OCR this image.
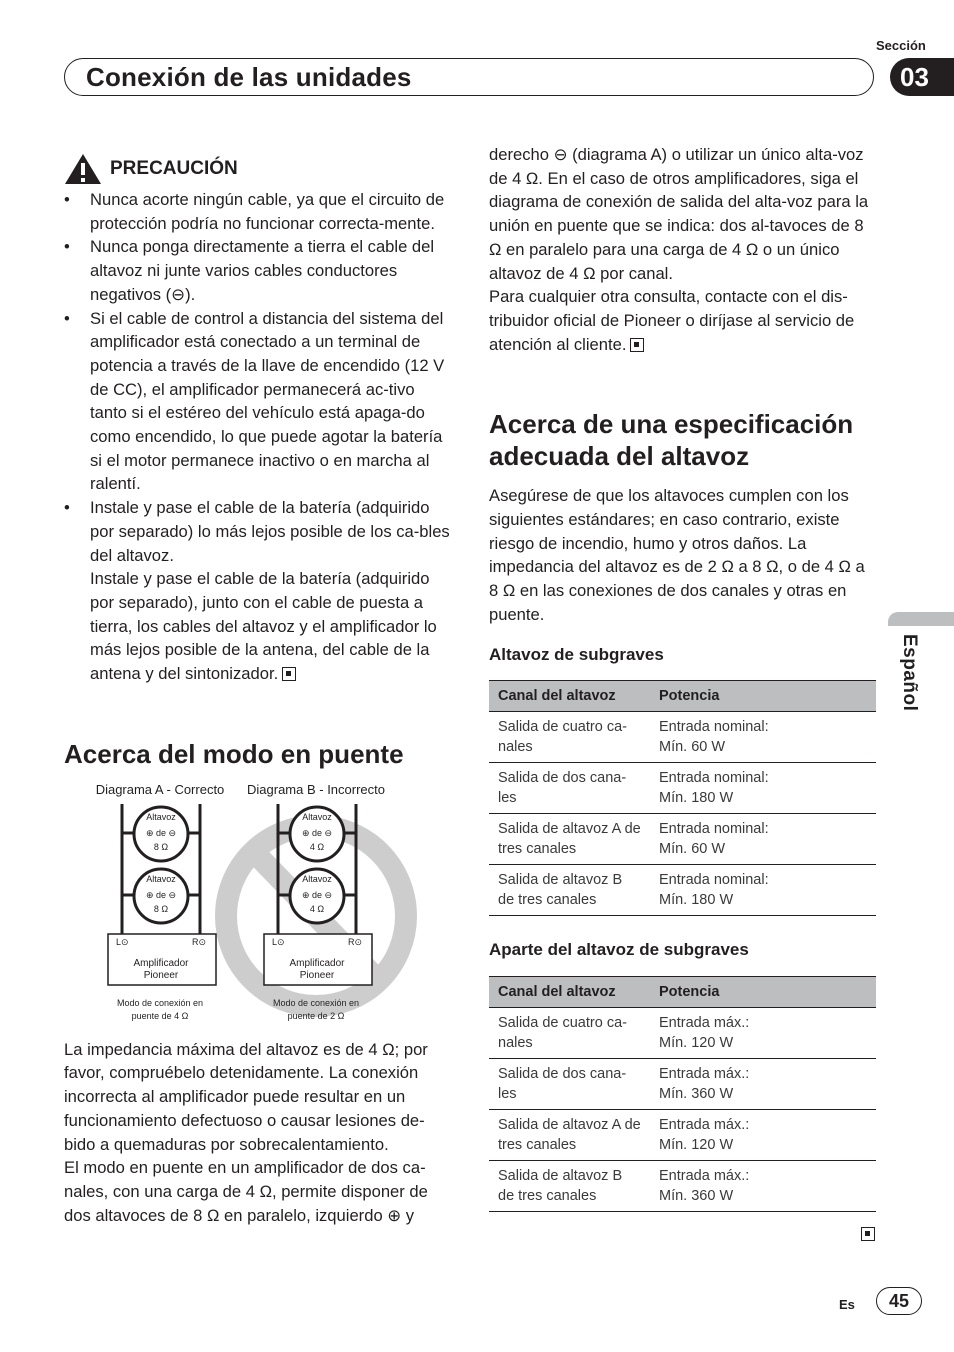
Sección
Conexión de las unidades	03
Español
PRECAUCIÓN
• Nunca acorte ningún cable, ya que el circuito de protección podría no funcionar correcta-mente.
• Nunca ponga directamente a tierra el cable del altavoz ni junte varios cables conductores negativos (⊖).
• Si el cable de control a distancia del sistema del amplificador está conectado a un terminal de potencia a través de la llave de encendido (12 V de CC), el amplificador permanecerá ac-tivo tanto si el estéreo del vehículo está apaga-do como encendido, lo que puede agotar la batería si el motor permanece inactivo o en marcha al ralentí.
• Instale y pase el cable de la batería (adquirido por separado) lo más lejos posible de los ca-bles del altavoz.

Instale y pase el cable de la batería (adquirido por separado), junto con el cable de puesta a tierra, los cables del altavoz y el amplificador lo más lejos posible de la antena, del cable de la antena y del sintonizador.

Acerca del modo en puente
Diagrama A - Correcto
Altavoz
⊕ de ⊖
8 Ω
Altavoz
⊕ de ⊖
8 Ω
L⊙	R⊙
Amplificador
Pioneer
Modo de conexión en
puente de 4 Ω
Diagrama B - Incorrecto
Altavoz
⊕ de ⊖
4 Ω
Altavoz
⊕ de ⊖
4 Ω
L⊙	R⊙
Amplificador
Pioneer
Modo de conexión en
puente de 2 Ω

La impedancia máxima del altavoz es de 4 Ω; por favor, compruébelo detenidamente. La conexión incorrecta al amplificador puede resultar en un funcionamiento defectuoso o causar lesiones de-bido a quemaduras por sobrecalentamiento.

El modo en puente en un amplificador de dos ca-nales, con una carga de 4 Ω, permite disponer de dos altavoces de 8 Ω en paralelo, izquierdo ⊕ y

derecho ⊖ (diagrama A) o utilizar un único alta-voz de 4 Ω. En el caso de otros amplificadores, siga el diagrama de conexión de salida del alta-voz para la unión en puente que se indica: dos al-tavoces de 8 Ω en paralelo para una carga de 4 Ω o un único altavoz de 4 Ω por canal.

Para cualquier otra consulta, contacte con el dis-tribuidor oficial de Pioneer o diríjase al servicio de atención al cliente.

Acerca de una especificación adecuada del altavoz

Asegúrese de que los altavoces cumplen con los siguientes estándares; en caso contrario, existe riesgo de incendio, humo y otros daños. La impedancia del altavoz es de 2 Ω a 8 Ω, o de 4 Ω a 8 Ω en las conexiones de dos canales y otras en puente.

Altavoz de subgraves
Canal del altavoz	Potencia
Salida de cuatro ca-nales	Entrada nominal:
Mín. 60 W
Salida de dos cana-les	Entrada nominal:
Mín. 180 W
Salida de altavoz A de tres canales	Entrada nominal:
Mín. 60 W
Salida de altavoz B de tres canales	Entrada nominal:
Mín. 180 W
Aparte del altavoz de subgraves
Canal del altavoz	Potencia
Salida de cuatro ca-nales	Entrada máx.:
Mín. 120 W
Salida de dos cana-les	Entrada máx.:
Mín. 360 W
Salida de altavoz A de tres canales	Entrada máx.:
Mín. 120 W
Salida de altavoz B de tres canales	Entrada máx.:
Mín. 360 W
Es	45
